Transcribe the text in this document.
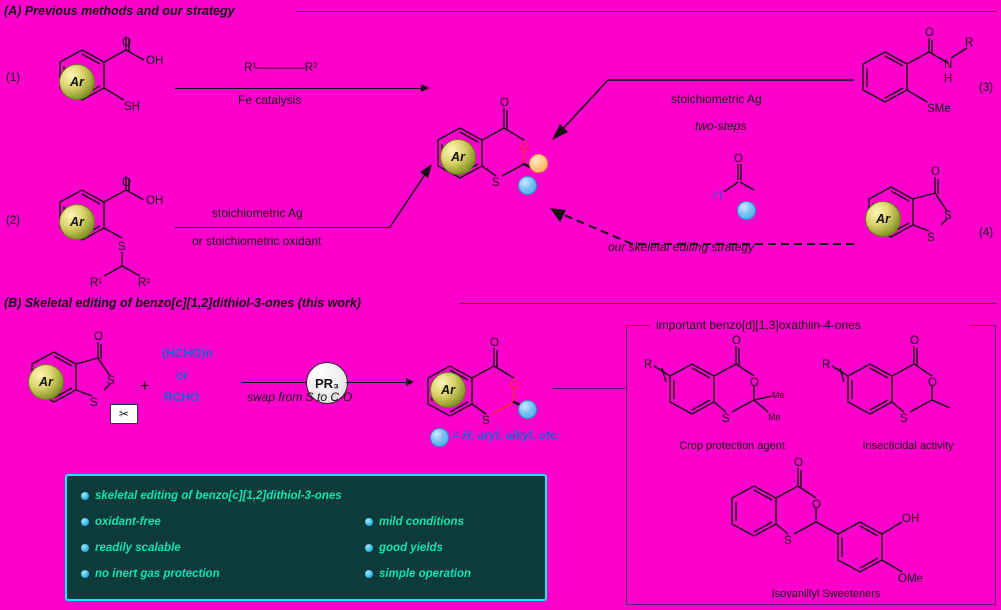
(A) Previous methods and our strategy
(1)
O
OH
SH
Ar
R¹————R²
Fe catalysis
(2)
O
OH
S
R¹	R²
Ar
stoichiometric Ag
or stoichiometric oxidant
O
O
S
Ar
(3)
O
N
H
R
SMe
stoichiometric Ag
two-steps
(4)
O
S
S
Ar
O
H
our skeletal editing strategy
(B) Skeletal editing of benzo[c][1,2]dithiol-3-ones (this work)
O
S
S
Ar
✂
+
(HCHO)n
or
RCHO
PR₃
swap from S to C-O
O
O
S
Ar
= H, aryl, alkyl, etc.
skeletal editing of benzo[c][1,2]dithiol-3-ones
oxidant-free
readily scalable
no inert gas protection
mild conditions
good yields
simple operation
important benzo[d][1,3]oxathiin-4-ones
O
O
S
Me
Me
R
Crop protection agent
O
O
S
R
Insecticidal activity
O
O
S
OH
OMe
Isovanillyl Sweeteners
